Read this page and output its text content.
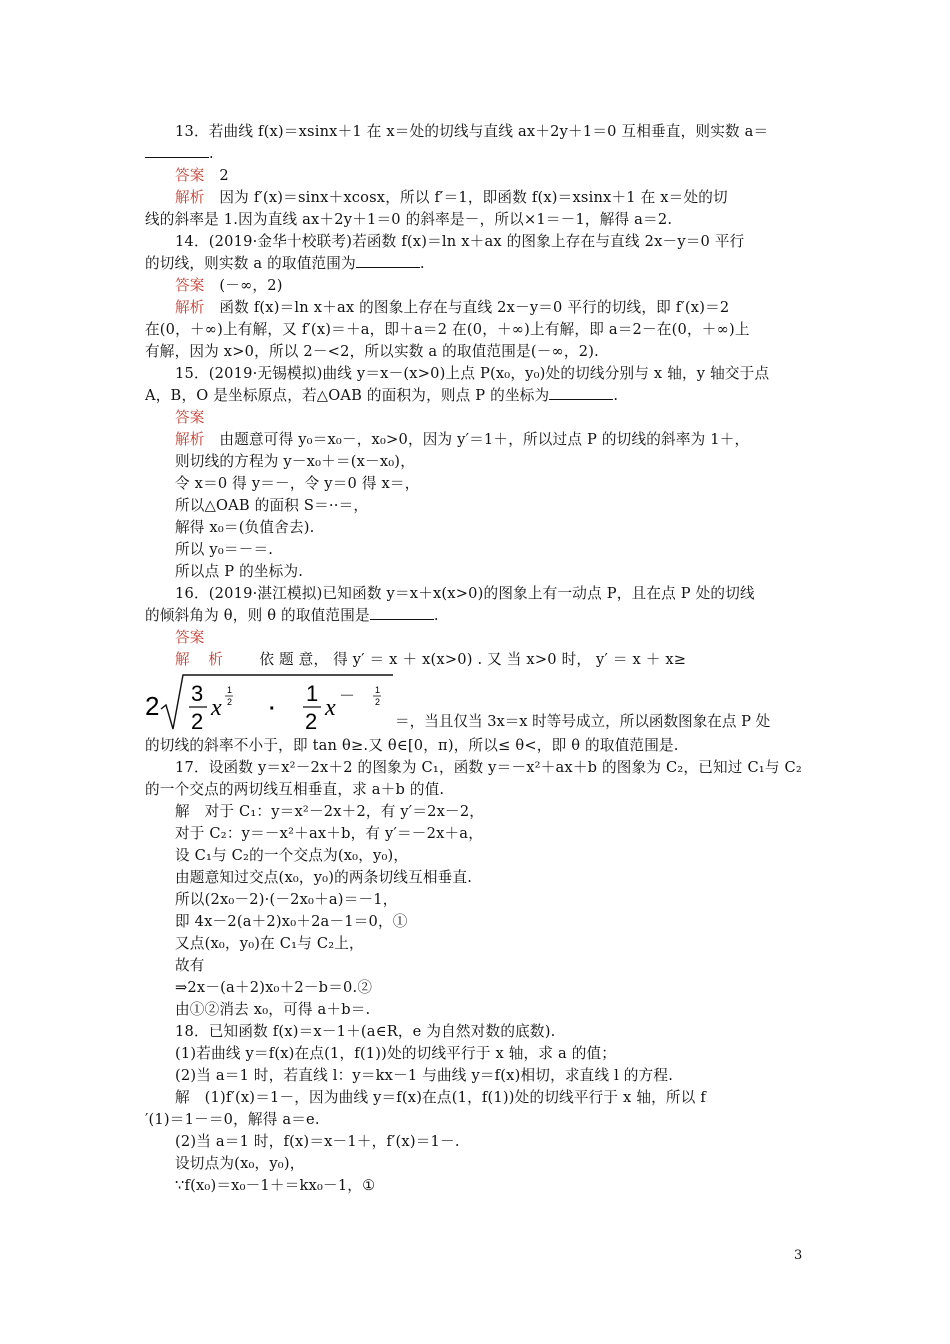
13．若曲线 f(x)＝xsinx＋1 在 x＝处的切线与直线 ax＋2y＋1＝0 互相垂直，则实数 a＝
.
答案　 2
解析　 因为 f′(x)＝sinx＋xcosx，所以 f′＝1，即函数 f(x)＝xsinx＋1 在 x＝处的切
线的斜率是 1.因为直线 ax＋2y＋1＝0 的斜率是－，所以×1＝－1，解得 a＝2.
14．(2019·金华十校联考)若函数 f(x)＝ln x＋ax 的图象上存在与直线 2x－y＝0 平行
的切线，则实数 a 的取值范围为	.
答案　 (－∞，2)
解析　 函数 f(x)＝ln x＋ax 的图象上存在与直线 2x－y＝0 平行的切线，即 f′(x)＝2
在(0，＋∞)上有解，又 f′(x)＝＋a，即＋a＝2 在(0，＋∞)上有解，即 a＝2－在(0，＋∞)上
有解，因为 x>0，所以 2－<2，所以实数 a 的取值范围是(－∞，2).
15．(2019·无锡模拟)曲线 y＝x－(x>0)上点 P(x₀，y₀)处的切线分别与 x 轴，y 轴交于点
A，B，O 是坐标原点，若△OAB 的面积为，则点 P 的坐标为	.
答案
解析　 由题意可得 y₀＝x₀－，x₀>0，因为 y′＝1＋，所以过点 P 的切线的斜率为 1＋，
则切线的方程为 y－x₀＋＝(x－x₀)，
令 x＝0 得 y＝－，令 y＝0 得 x＝，
所以△OAB 的面积 S＝··＝，
解得 x₀＝(负值舍去).
所以 y₀＝－＝.
所以点 P 的坐标为.
16．(2019·湛江模拟)已知函数 y＝x＋x(x>0)的图象上有一动点 P，且在点 P 处的切线
的倾斜角为 θ，则 θ 的取值范围是	.
答案
解 析　　 依 题 意， 得 y′ ＝ x ＋ x(x>0) . 又 当 x>0 时， y′ ＝ x ＋ x≥
2 3
2
x
1
2 ·
1
2
x － 1
2
＝，当且仅当 3x＝x 时等号成立，所以函数图象在点 P 处
的切线的斜率不小于，即 tan θ≥.又 θ∈[0，π)，所以≤ θ<，即 θ 的取值范围是.
17．设函数 y＝x²－2x＋2 的图象为 C₁，函数 y＝－x²＋ax＋b 的图象为 C₂，已知过 C₁与 C₂
的一个交点的两切线互相垂直，求 a＋b 的值.
解　对于 C₁：y＝x²－2x＋2，有 y′＝2x－2，
对于 C₂：y＝－x²＋ax＋b，有 y′＝－2x＋a，
设 C₁与 C₂的一个交点为(x₀，y₀)，
由题意知过交点(x₀，y₀)的两条切线互相垂直.
所以(2x₀－2)·(－2x₀＋a)＝－1，
即 4x－2(a＋2)x₀＋2a－1＝0，①
又点(x₀，y₀)在 C₁与 C₂上，
故有
⇒2x－(a＋2)x₀＋2－b＝0.②
由①②消去 x₀，可得 a＋b＝.
18．已知函数 f(x)＝x－1＋(a∈R，e 为自然对数的底数).
(1)若曲线 y＝f(x)在点(1，f(1))处的切线平行于 x 轴，求 a 的值；
(2)当 a＝1 时，若直线 l：y＝kx－1 与曲线 y＝f(x)相切，求直线 l 的方程.
解　(1)f′(x)＝1－，因为曲线 y＝f(x)在点(1，f(1))处的切线平行于 x 轴，所以 f
′(1)＝1－＝0，解得 a＝e.
(2)当 a＝1 时，f(x)＝x－1＋，f′(x)＝1－.
设切点为(x₀，y₀)，
∵f(x₀)＝x₀－1＋＝kx₀－1，①
3
